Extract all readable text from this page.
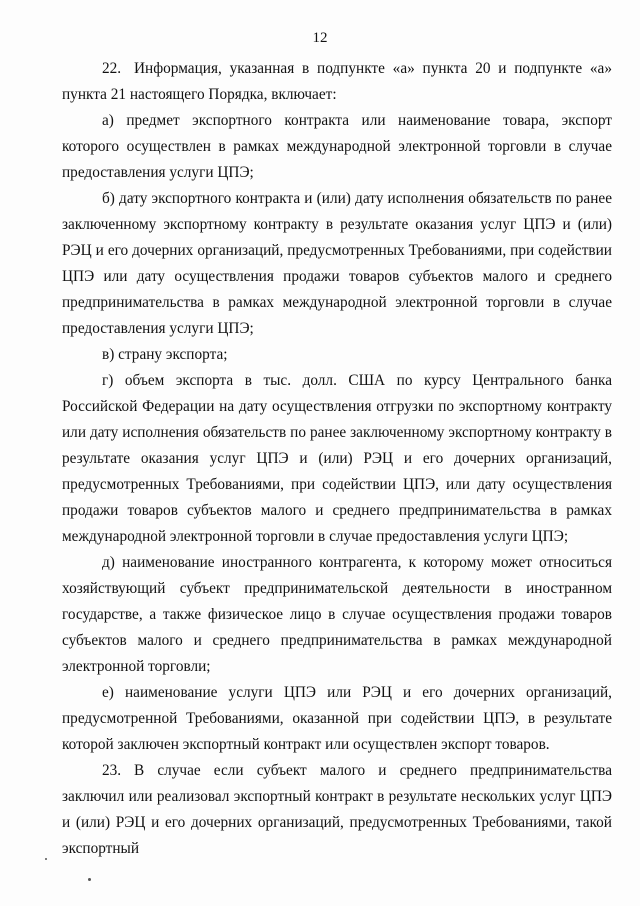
12

22. Информация, указанная в подпункте «а» пункта 20 и подпункте «а» пункта 21 настоящего Порядка, включает:

а) предмет экспортного контракта или наименование товара, экспорт которого осуществлен в рамках международной электронной торговли в случае предоставления услуги ЦПЭ;

б) дату экспортного контракта и (или) дату исполнения обязательств по ранее заключенному экспортному контракту в результате оказания услуг ЦПЭ и (или) РЭЦ и его дочерних организаций, предусмотренных Требованиями, при содействии ЦПЭ или дату осуществления продажи товаров субъектов малого и среднего предпринимательства в рамках международной электронной торговли в случае предоставления услуги ЦПЭ;

в) страну экспорта;

г) объем экспорта в тыс. долл. США по курсу Центрального банка Российской Федерации на дату осуществления отгрузки по экспортному контракту или дату исполнения обязательств по ранее заключенному экспортному контракту в результате оказания услуг ЦПЭ и (или) РЭЦ и его дочерних организаций, предусмотренных Требованиями, при содействии ЦПЭ, или дату осуществления продажи товаров субъектов малого и среднего предпринимательства в рамках международной электронной торговли в случае предоставления услуги ЦПЭ;

д) наименование иностранного контрагента, к которому может относиться хозяйствующий субъект предпринимательской деятельности в иностранном государстве, а также физическое лицо в случае осуществления продажи товаров субъектов малого и среднего предпринимательства в рамках международной электронной торговли;

е) наименование услуги ЦПЭ или РЭЦ и его дочерних организаций, предусмотренной Требованиями, оказанной при содействии ЦПЭ, в результате которой заключен экспортный контракт или осуществлен экспорт товаров.

23. В случае если субъект малого и среднего предпринимательства заключил или реализовал экспортный контракт в результате нескольких услуг ЦПЭ и (или) РЭЦ и его дочерних организаций, предусмотренных Требованиями, такой экспортный
